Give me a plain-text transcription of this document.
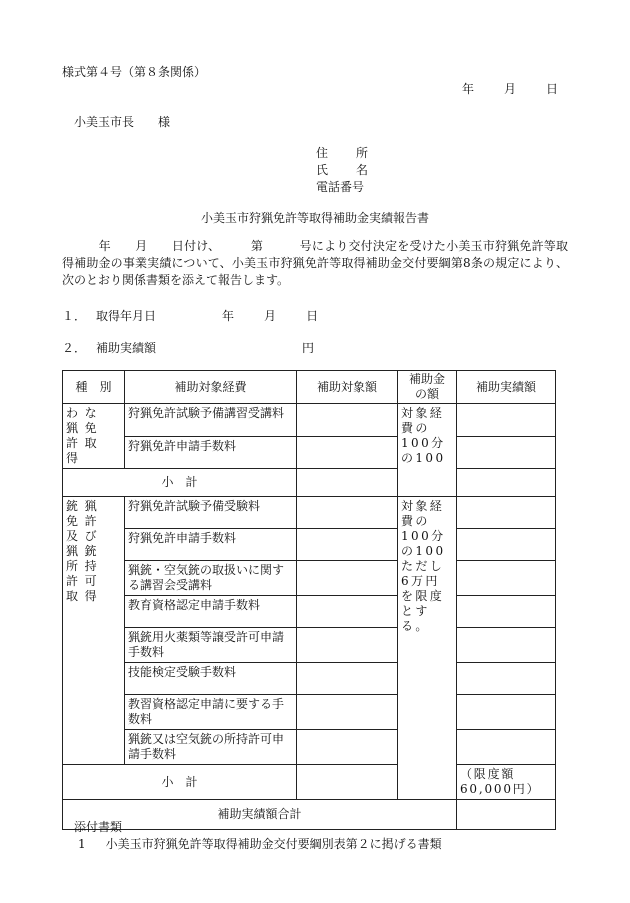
様式第４号（第８条関係）
年	月	日
小美玉市長　　様
住 所
氏 名
電話番号
小美玉市狩猟免許等取得補助金実績報告書
　　　年　　月　　日付け、　　　第　　　号により交付決定を受けた小美玉市狩猟免許等取得補助金の事業実績について、小美玉市狩猟免許等取得補助金交付要綱第8条の規定により、次のとおり関係書類を添えて報告します。
１． 取得年月日	年	月	日
２． 補助実績額	円
種　別	補助対象経費	補助対象額	補助金の額	補助実績額
わな猟免許取得	狩猟免許試験予備講習受講料		対象経費の100分の100	
	狩猟免許申請手数料			
小　計				
銃猟免許及び猟銃所持許可取得	狩猟免許試験予備受験料		対象経費の100分の100ただし6万円を限度とする。	
	狩猟免許申請手数料			
	猟銃・空気銃の取扱いに関する講習会受講料			
	教育資格認定申請手数料			
	猟銃用火薬類等譲受許可申請手数料			
	技能検定受験手数料			
	教習資格認定申請に要する手数料			
	猟銃又は空気銃の所持許可申請手数料			
小　計				（限度額60,000円）
補助実績額合計				
添付書類
1 小美玉市狩猟免許等取得補助金交付要綱別表第２に掲げる書類
